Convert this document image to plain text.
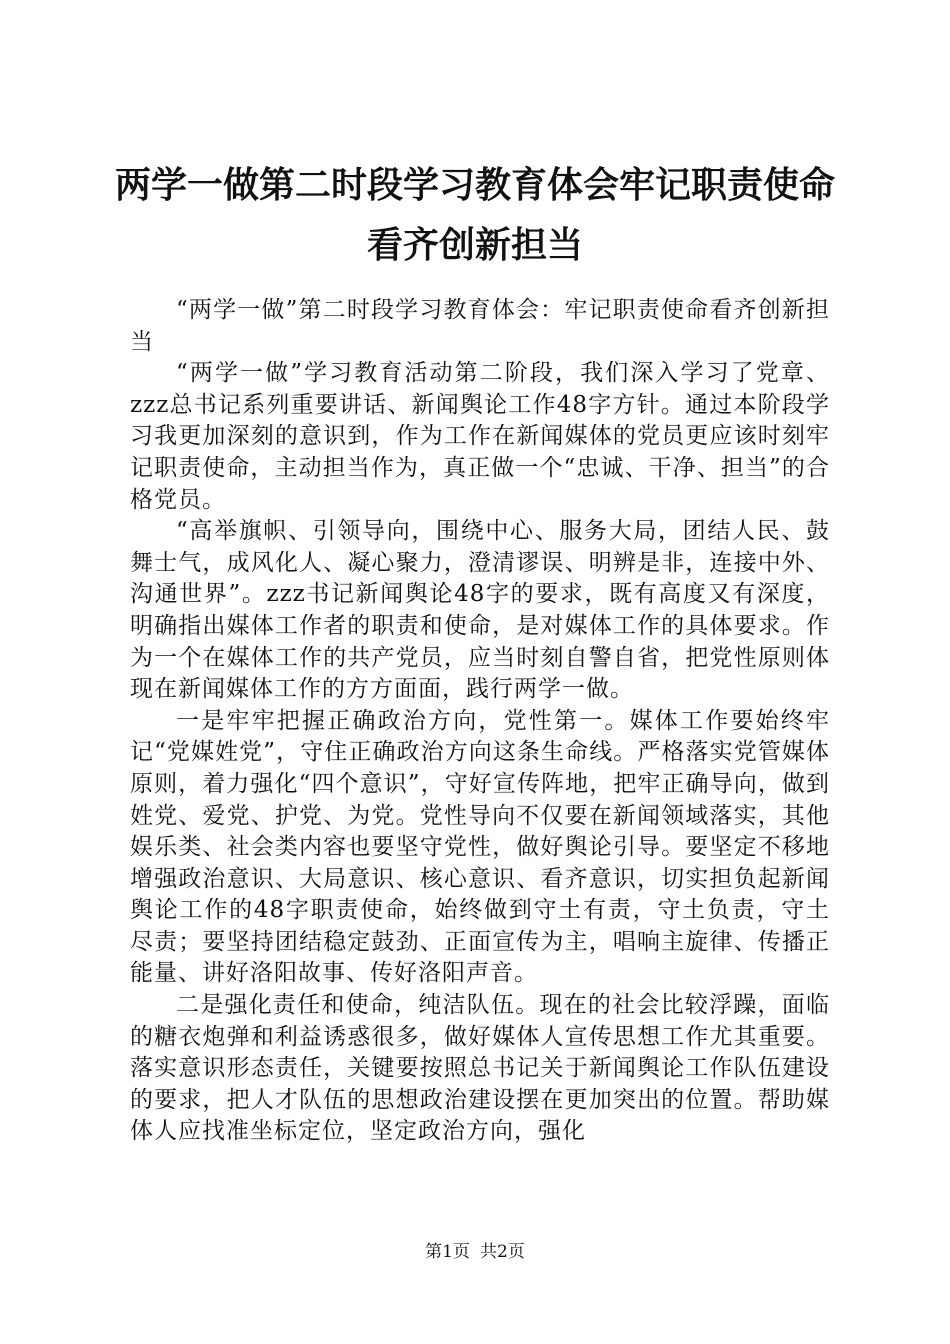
两学一做第二时段学习教育体会牢记职责使命
看齐创新担当

“两学一做”第二时段学习教育体会：牢记职责使命看齐创新担当

“两学一做”学习教育活动第二阶段，我们深入学习了党章、zzz总书记系列重要讲话、新闻舆论工作48字方针。通过本阶段学习我更加深刻的意识到，作为工作在新闻媒体的党员更应该时刻牢记职责使命，主动担当作为，真正做一个“忠诚、干净、担当”的合格党员。

“高举旗帜、引领导向，围绕中心、服务大局，团结人民、鼓舞士气，成风化人、凝心聚力，澄清谬误、明辨是非，连接中外、沟通世界”。zzz书记新闻舆论48字的要求，既有高度又有深度，明确指出媒体工作者的职责和使命，是对媒体工作的具体要求。作为一个在媒体工作的共产党员，应当时刻自警自省，把党性原则体现在新闻媒体工作的方方面面，践行两学一做。

一是牢牢把握正确政治方向，党性第一。媒体工作要始终牢记“党媒姓党”，守住正确政治方向这条生命线。严格落实党管媒体原则，着力强化“四个意识”，守好宣传阵地，把牢正确导向，做到姓党、爱党、护党、为党。党性导向不仅要在新闻领域落实，其他娱乐类、社会类内容也要坚守党性，做好舆论引导。要坚定不移地增强政治意识、大局意识、核心意识、看齐意识，切实担负起新闻舆论工作的48字职责使命，始终做到守土有责，守土负责，守土尽责；要坚持团结稳定鼓劲、正面宣传为主，唱响主旋律、传播正能量、讲好洛阳故事、传好洛阳声音。

二是强化责任和使命，纯洁队伍。现在的社会比较浮躁，面临的糖衣炮弹和利益诱惑很多，做好媒体人宣传思想工作尤其重要。落实意识形态责任，关键要按照总书记关于新闻舆论工作队伍建设的要求，把人才队伍的思想政治建设摆在更加突出的位置。帮助媒体人应找准坐标定位，坚定政治方向，强化

第1页 共2页
